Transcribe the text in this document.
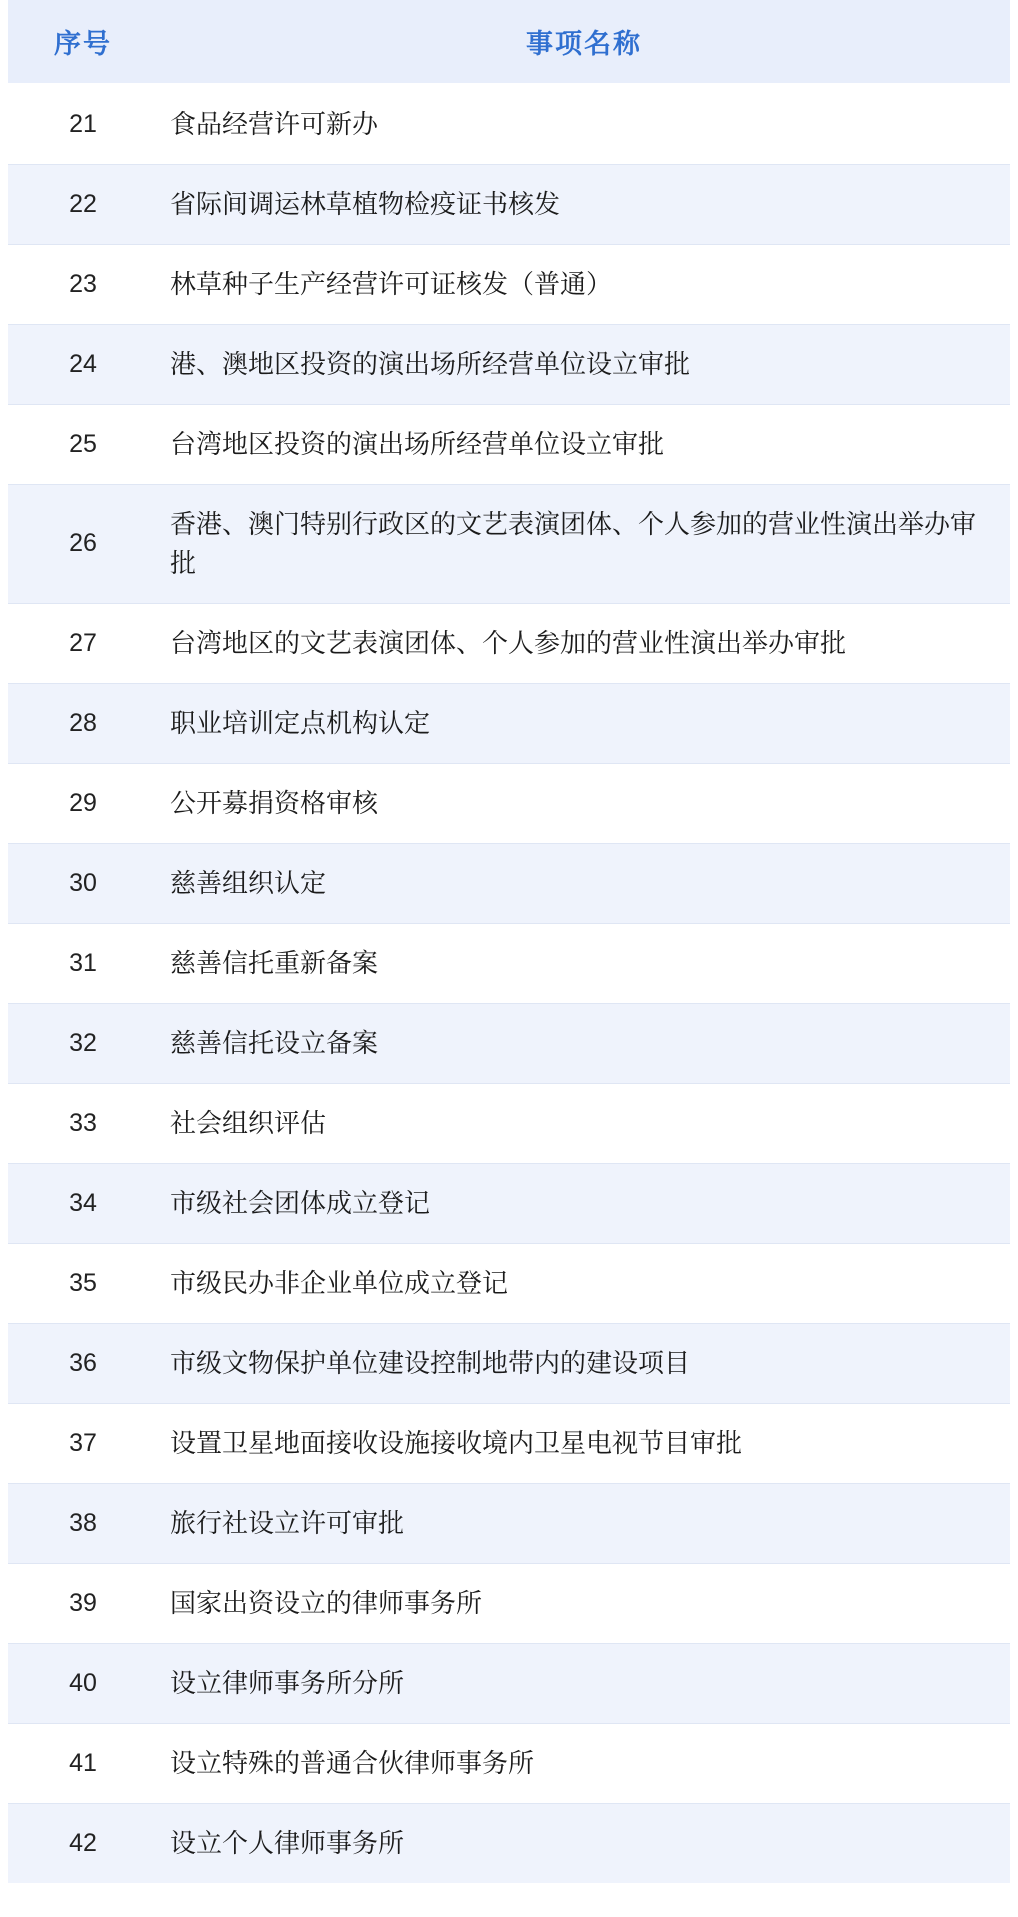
序号	事项名称
21	食品经营许可新办
22	省际间调运林草植物检疫证书核发
23	林草种子生产经营许可证核发（普通）
24	港、澳地区投资的演出场所经营单位设立审批
25	台湾地区投资的演出场所经营单位设立审批
26	香港、澳门特别行政区的文艺表演团体、个人参加的营业性演出举办审批
27	台湾地区的文艺表演团体、个人参加的营业性演出举办审批
28	职业培训定点机构认定
29	公开募捐资格审核
30	慈善组织认定
31	慈善信托重新备案
32	慈善信托设立备案
33	社会组织评估
34	市级社会团体成立登记
35	市级民办非企业单位成立登记
36	市级文物保护单位建设控制地带内的建设项目
37	设置卫星地面接收设施接收境内卫星电视节目审批
38	旅行社设立许可审批
39	国家出资设立的律师事务所
40	设立律师事务所分所
41	设立特殊的普通合伙律师事务所
42	设立个人律师事务所
